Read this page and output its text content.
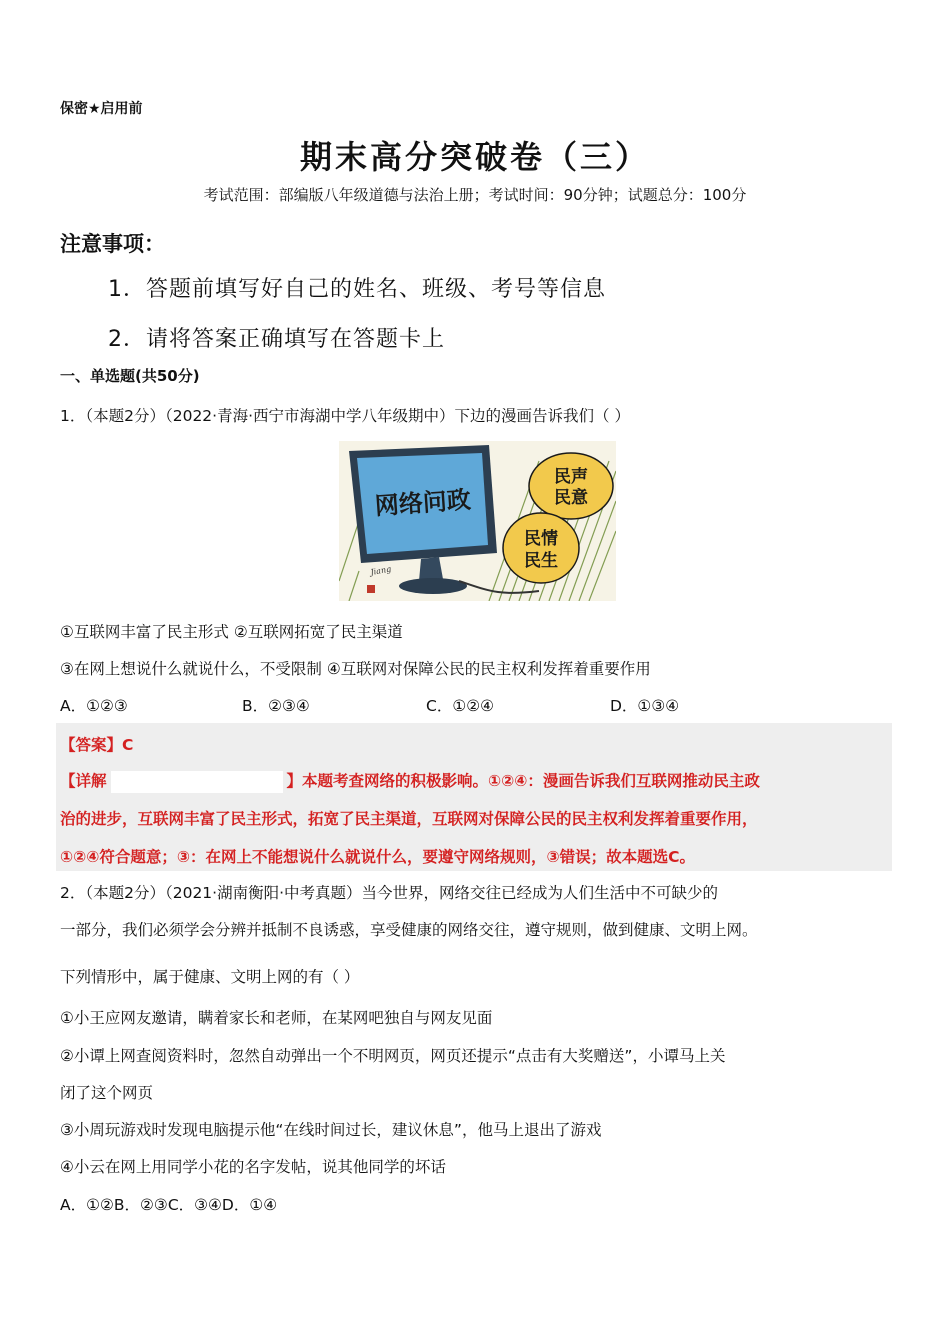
保密★启用前
期末高分突破卷（三）
考试范围：部编版八年级道德与法治上册；考试时间：90分钟；试题总分：100分
注意事项：
1．答题前填写好自己的姓名、班级、考号等信息
2．请将答案正确填写在答题卡上
一、单选题(共50分)
1．（本题2分）（2022·青海·西宁市海湖中学八年级期中）下边的漫画告诉我们（ ）
网络问政
民声
民意
民情
民生
Jiang
①互联网丰富了民主形式 ②互联网拓宽了民主渠道
③在网上想说什么就说什么，不受限制 ④互联网对保障公民的民主权利发挥着重要作用
A．①②③	B．②③④	C．①②④	D．①③④
【答案】C
【详解	】本题考查网络的积极影响。①②④：漫画告诉我们互联网推动民主政
治的进步，互联网丰富了民主形式，拓宽了民主渠道，互联网对保障公民的民主权利发挥着重要作用，
①②④符合题意；③：在网上不能想说什么就说什么，要遵守网络规则，③错误；故本题选C。
2．（本题2分）（2021·湖南衡阳·中考真题）当今世界，网络交往已经成为人们生活中不可缺少的
一部分，我们必须学会分辨并抵制不良诱惑，享受健康的网络交往，遵守规则，做到健康、文明上网。
下列情形中，属于健康、文明上网的有（ ）
①小王应网友邀请，瞒着家长和老师，在某网吧独自与网友见面
②小谭上网查阅资料时，忽然自动弹出一个不明网页，网页还提示“点击有大奖赠送”，小谭马上关
闭了这个网页
③小周玩游戏时发现电脑提示他“在线时间过长，建议休息”，他马上退出了游戏
④小云在网上用同学小花的名字发帖，说其他同学的坏话
A．①②B．②③C．③④D．①④
